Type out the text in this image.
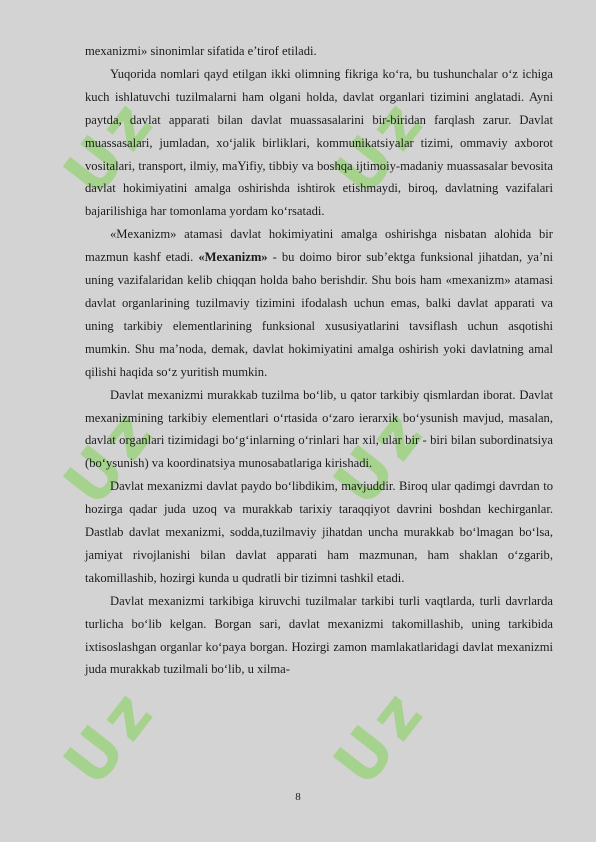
Uz Uz
Uz Uz
Uz Uz

mexanizmi» sinonimlar sifatida e’tirof etiladi.

Yuqorida nomlari qayd etilgan ikki olimning fikriga ko‘ra, bu tushunchalar o‘z ichiga kuch ishlatuvchi tuzilmalarni ham olgani holda, davlat organlari tizimini anglatadi. Ayni paytda, davlat apparati bilan davlat muassasalarini bir-biridan farqlash zarur. Davlat muassasalari, jumladan, xo‘jalik birliklari, kommunikatsiyalar tizimi, ommaviy axborot vositalari, transport, ilmiy, maYifiy, tibbiy va boshqa ijtimoiy-madaniy muassasalar bevosita davlat hokimiyatini amalga oshirishda ishtirok etishmaydi, biroq, davlatning vazifalari bajarilishiga har tomonlama yordam ko‘rsatadi.

«Mexanizm» atamasi davlat hokimiyatini amalga oshirishga nisbatan alohida bir mazmun kashf etadi. «Mexanizm» - bu doimo biror sub’ektga funksional jihatdan, ya’ni uning vazifalaridan kelib chiqqan holda baho berishdir. Shu bois ham «mexanizm» atamasi davlat organlarining tuzilmaviy tizimini ifodalash uchun emas, balki davlat apparati va uning tarkibiy elementlarining funksional xususiyatlarini tavsiflash uchun asqotishi mumkin. Shu ma’noda, demak, davlat hokimiyatini amalga oshirish yoki davlatning amal qilishi haqida so‘z yuritish mumkin.

Davlat mexanizmi murakkab tuzilma bo‘lib, u qator tarkibiy qismlardan iborat. Davlat mexanizmining tarkibiy elementlari o‘rtasida o‘zaro ierarxik bo‘ysunish mavjud, masalan, davlat organlari tizimidagi bo‘g‘inlarning o‘rinlari har xil, ular bir - biri bilan subordinatsiya (bo‘ysunish) va koordinatsiya munosabatlariga kirishadi.

Davlat mexanizmi davlat paydo bo‘libdikim, mavjuddir. Biroq ular qadimgi davrdan to hozirga qadar juda uzoq va murakkab tarixiy taraqqiyot davrini boshdan kechirganlar. Dastlab davlat mexanizmi, sodda,tuzilmaviy jihatdan uncha murakkab bo‘lmagan bo‘lsa, jamiyat rivojlanishi bilan davlat apparati ham mazmunan, ham shaklan o‘zgarib, takomillashib, hozirgi kunda u qudratli bir tizimni tashkil etadi.

Davlat mexanizmi tarkibiga kiruvchi tuzilmalar tarkibi turli vaqtlarda, turli davrlarda turlicha bo‘lib kelgan. Borgan sari, davlat mexanizmi takomillashib, uning tarkibida ixtisoslashgan organlar ko‘paya borgan. Hozirgi zamon mamlakatlaridagi davlat mexanizmi juda murakkab tuzilmali bo‘lib, u xilma-

8
